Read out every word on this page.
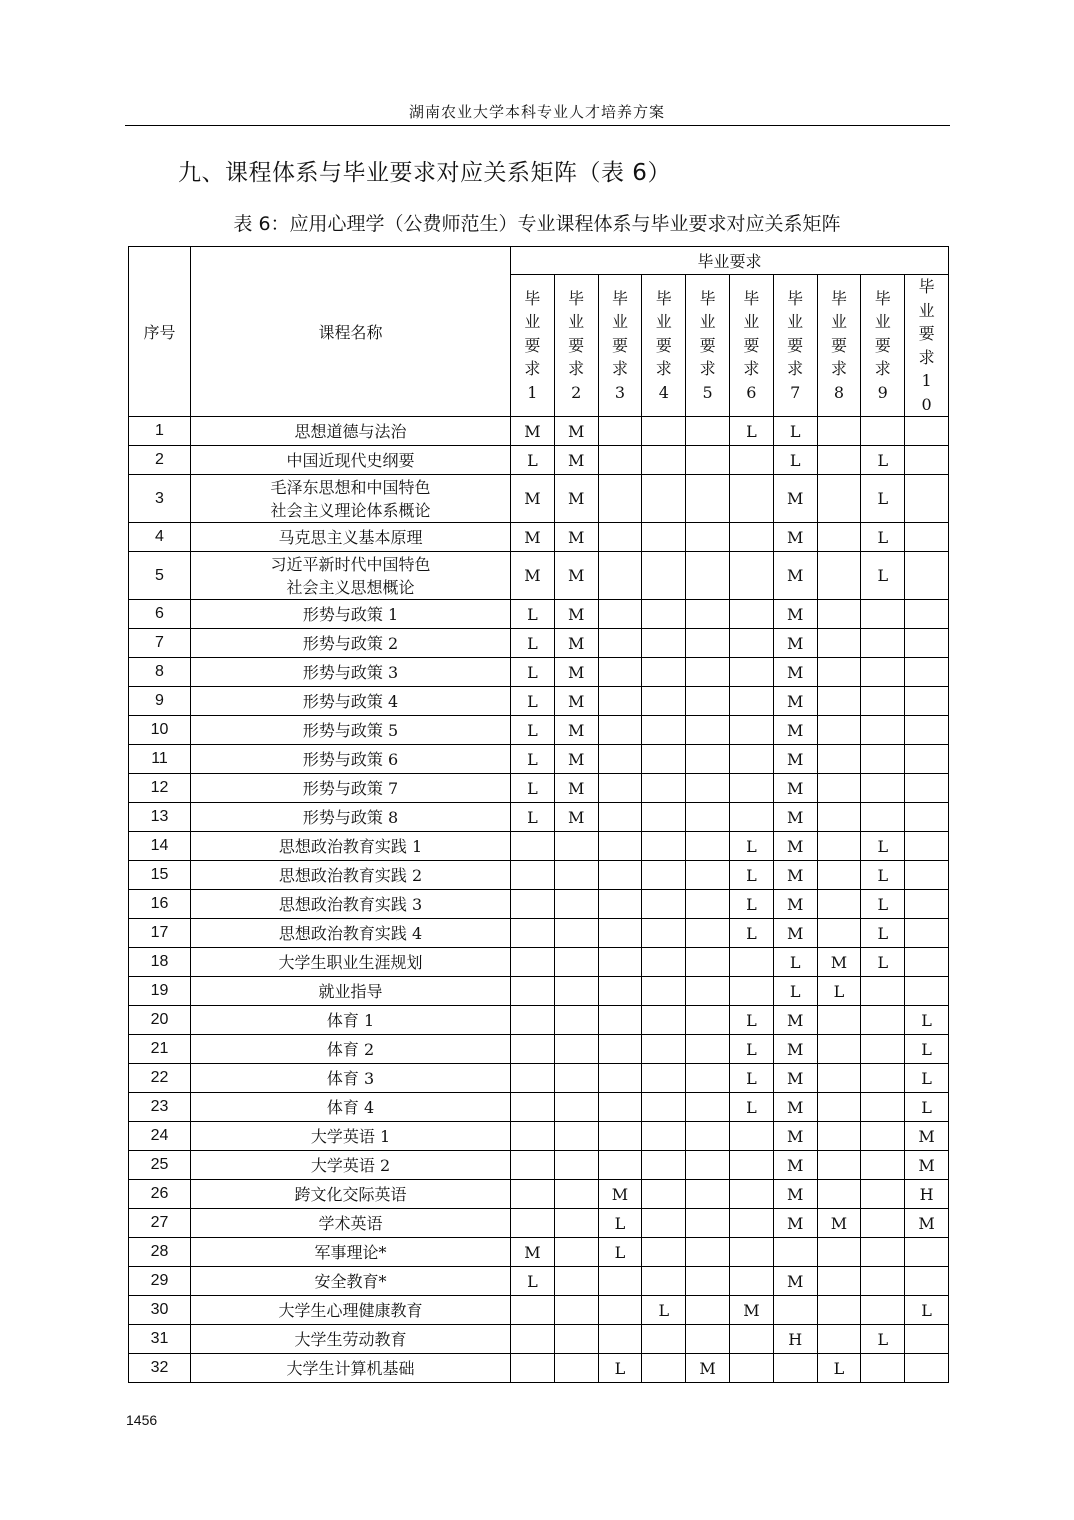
湖南农业大学本科专业人才培养方案
九、课程体系与毕业要求对应关系矩阵（表 6）
表 6：应用心理学（公费师范生）专业课程体系与毕业要求对应关系矩阵
序号	课程名称	毕业要求									
		毕业要求1	毕业要求2	毕业要求3	毕业要求4	毕业要求5	毕业要求6	毕业要求7	毕业要求8	毕业要求9	毕业要求10
1	思想道德与法治	M	M				L	L			
2	中国近现代史纲要	L	M					L		L	
3	毛泽东思想和中国特色
社会主义理论体系概论	M	M					M		L	
4	马克思主义基本原理	M	M					M		L	
5	习近平新时代中国特色
社会主义思想概论	M	M					M		L	
6	形势与政策 1	L	M					M			
7	形势与政策 2	L	M					M			
8	形势与政策 3	L	M					M			
9	形势与政策 4	L	M					M			
10	形势与政策 5	L	M					M			
11	形势与政策 6	L	M					M			
12	形势与政策 7	L	M					M			
13	形势与政策 8	L	M					M			
14	思想政治教育实践 1						L	M		L	
15	思想政治教育实践 2						L	M		L	
16	思想政治教育实践 3						L	M		L	
17	思想政治教育实践 4						L	M		L	
18	大学生职业生涯规划							L	M	L	
19	就业指导							L	L		
20	体育 1						L	M			L
21	体育 2						L	M			L
22	体育 3						L	M			L
23	体育 4						L	M			L
24	大学英语 1							M			M
25	大学英语 2							M			M
26	跨文化交际英语			M				M			H
27	学术英语			L				M	M		M
28	军事理论*	M		L							
29	安全教育*	L						M			
30	大学生心理健康教育				L		M				L
31	大学生劳动教育							H		L	
32	大学生计算机基础			L		M			L		
1456
